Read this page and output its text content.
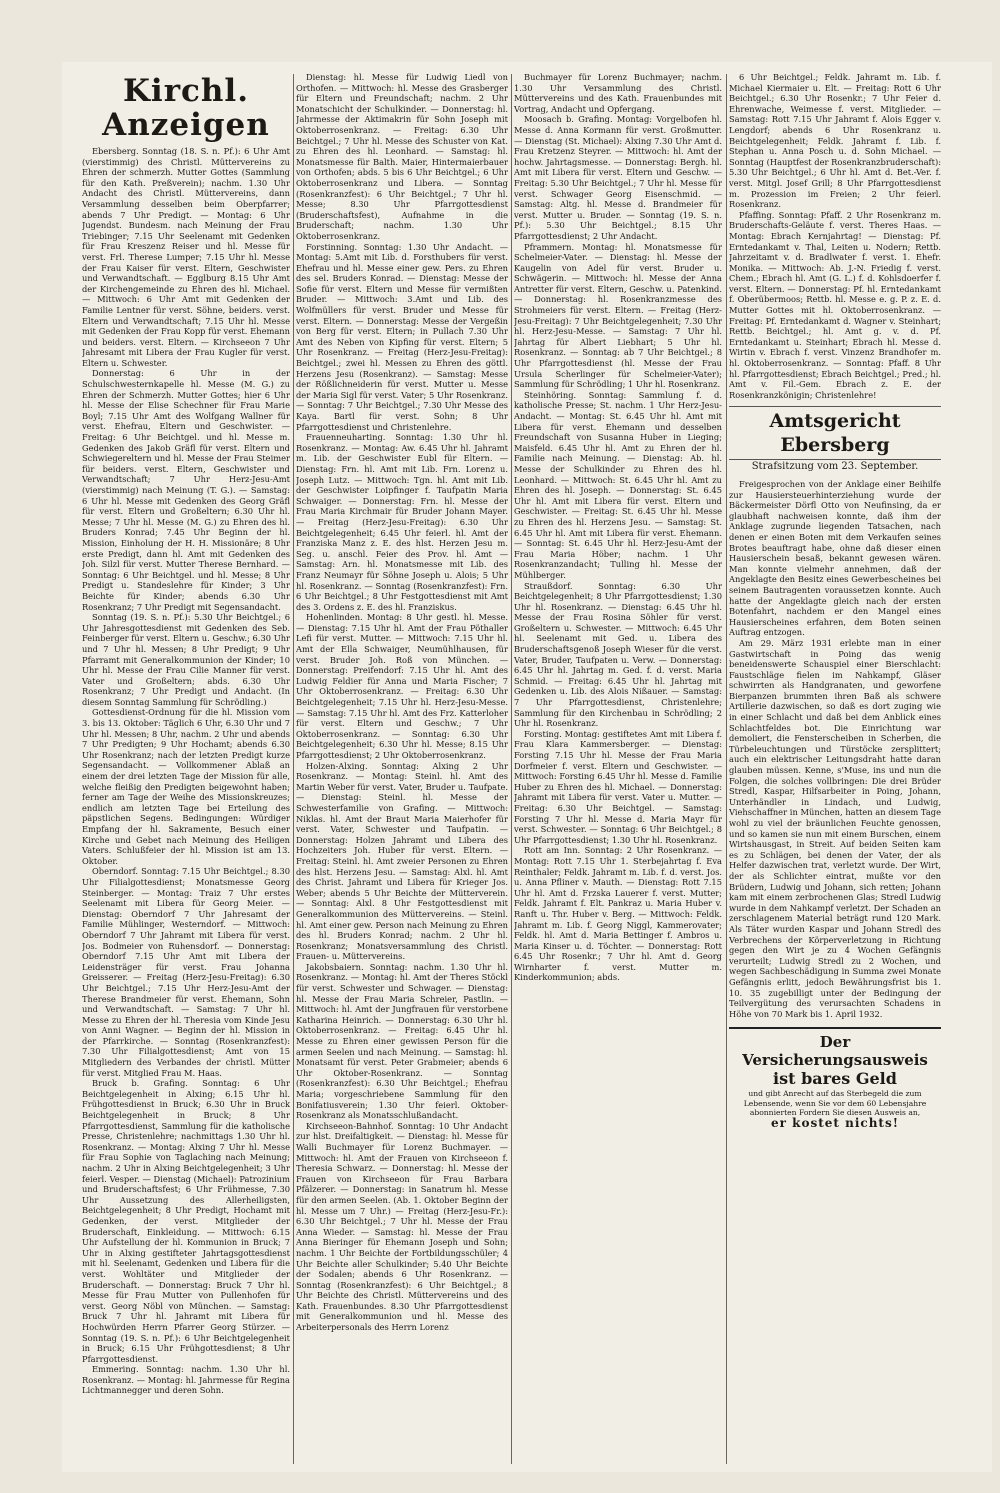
Kirchl. Anzeigen

Ebersberg. Sonntag (18. S. n. Pf.): 6 Uhr Amt (vierstimmig) des Christl. Müttervereins zu Ehren der schmerzh. Mutter Gottes (Sammlung für den Kath. Preßverein); nachm. 1.30 Uhr Andacht des Christl. Müttervereins, dann Versammlung desselben beim Oberpfarrer; abends 7 Uhr Predigt. — Montag: 6 Uhr Jugendst. Bundesm. nach Meinung der Frau Triebinger; 7.15 Uhr Seelenamt mit Gedenken für Frau Kreszenz Reiser und hl. Messe für verst. Frl. Therese Lumper; 7.15 Uhr hl. Messe der Frau Kaiser für verst. Eltern, Geschwister und Verwandtschaft. — Egglburg 8.15 Uhr Amt der Kirchengemeinde zu Ehren des hl. Michael. — Mittwoch: 6 Uhr Amt mit Gedenken der Familie Lentner für verst. Söhne, beiders. verst. Eltern und Verwandtschaft; 7.15 Uhr hl. Messe mit Gedenken der Frau Kopp für verst. Ehemann und beiders. verst. Eltern. — Kirchseeon 7 Uhr Jahresamt mit Libera der Frau Kugler für verst. Eltern u. Schwester.

Donnerstag: 6 Uhr in der Schulschwesternkapelle hl. Messe (M. G.) zu Ehren der Schmerzh. Mutter Gottes; hier 6 Uhr hl. Messe der Elise Schechner für Frau Marie Boyl; 7.15 Uhr Amt des Wolfgang Wallner für verst. Ehefrau, Eltern und Geschwister. — Freitag: 6 Uhr Beichtgel. und hl. Messe m. Gedenken des Jakob Gräfl für verst. Eltern und Schwiegereltern und hl. Messe der Frau Steimer für beiders. verst. Eltern, Geschwister und Verwandtschaft; 7 Uhr Herz-Jesu-Amt (vierstimmig) nach Meinung (T. G.). — Samstag: 6 Uhr hl. Messe mit Gedenken des Georg Gräfl für verst. Eltern und Großeltern; 6.30 Uhr hl. Messe; 7 Uhr hl. Messe (M. G.) zu Ehren des hl. Bruders Konrad; 7.45 Uhr Beginn der hl. Mission, Einholung der H. H. Missionäre; 8 Uhr erste Predigt, dann hl. Amt mit Gedenken des Joh. Silzl für verst. Mutter Therese Bernhard. — Sonntag: 6 Uhr Beichtgel. und hl. Messe; 8 Uhr Predigt u. Standeslehre für Kinder; 3 Uhr Beichte für Kinder; abends 6.30 Uhr Rosenkranz; 7 Uhr Predigt mit Segensandacht.

Sonntag (19. S. n. Pf.): 5.30 Uhr Beichtgel.; 6 Uhr Jahresgottesdienst mit Gedenken des Seb. Feinberger für verst. Eltern u. Geschw.; 6.30 Uhr und 7 Uhr hl. Messen; 8 Uhr Predigt; 9 Uhr Pfarramt mit Generalkommunion der Kinder; 10 Uhr hl. Messe der Frau Cilie Manner für verst. Vater und Großeltern; abds. 6.30 Uhr Rosenkranz; 7 Uhr Predigt und Andacht. (In diesem Sonntag Sammlung für Schrödling.)

Gottesdienst-Ordnung für die hl. Mission vom 3. bis 13. Oktober: Täglich 6 Uhr, 6.30 Uhr und 7 Uhr hl. Messen; 8 Uhr, nachm. 2 Uhr und abends 7 Uhr Predigten; 9 Uhr Hochamt; abends 6.30 Uhr Rosenkranz; nach der letzten Predigt kurze Segensandacht. — Vollkommener Ablaß an einem der drei letzten Tage der Mission für alle, welche fleißig den Predigten beigewohnt haben; ferner am Tage der Weihe des Missionskreuzes; endlich am letzten Tage bei Erteilung des päpstlichen Segens. Bedingungen: Würdiger Empfang der hl. Sakramente, Besuch einer Kirche und Gebet nach Meinung des Heiligen Vaters. Schlußfeier der hl. Mission ist am 13. Oktober.

Oberndorf. Sonntag: 7.15 Uhr Beichtgel.; 8.30 Uhr Filialgottesdienst; Monatsmesse Georg Steinberger. — Montag: Traiz 7 Uhr erstes Seelenamt mit Libera für Georg Meier. — Dienstag: Oberndorf 7 Uhr Jahresamt der Familie Mühlinger, Westerndorf. — Mittwoch: Oberndorf 7 Uhr Jahramt mit Libera für verst. Jos. Bodmeier von Ruhensdorf. — Donnerstag: Oberndorf 7.15 Uhr Amt mit Libera der Leidensträger für verst. Frau Johanna Greisserer. — Freitag (Herz-Jesu-Freitag): 6.30 Uhr Beichtgel.; 7.15 Uhr Herz-Jesu-Amt der Therese Brandmeier für verst. Ehemann, Sohn und Verwandtschaft. — Samstag: 7 Uhr hl. Messe zu Ehren der hl. Theresia vom Kinde Jesu von Anni Wagner. — Beginn der hl. Mission in der Pfarrkirche. — Sonntag (Rosenkranzfest): 7.30 Uhr Filialgottesdienst; Amt von 15 Mitgliedern des Verbandes der christl. Mütter für verst. Mitglied Frau M. Haas.

Bruck b. Grafing. Sonntag: 6 Uhr Beichtgelegenheit in Alxing; 6.15 Uhr hl. Frühgottesdienst in Bruck; 6.30 Uhr in Bruck Beichtgelegenheit in Bruck; 8 Uhr Pfarrgottesdienst, Sammlung für die katholische Presse, Christenlehre; nachmittags 1.30 Uhr hl. Rosenkranz. — Montag: Alxing 7 Uhr hl. Messe für Frau Sophie von Taglaching nach Meinung; nachm. 2 Uhr in Alxing Beichtgelegenheit; 3 Uhr feierl. Vesper. — Dienstag (Michael): Patrozinium und Bruderschaftsfest; 6 Uhr Frühmesse, 7.30 Uhr Aussetzung des Allerheiligsten, Beichtgelegenheit; 8 Uhr Predigt, Hochamt mit Gedenken, der verst. Mitglieder der Bruderschaft, Einkleidung. — Mittwoch: 6.15 Uhr Aufstellung der hl. Kommunion in Bruck; 7 Uhr in Alxing gestifteter Jahrtagsgottesdienst mit hl. Seelenamt, Gedenken und Libera für die verst. Wohltäter und Mitglieder der Bruderschaft. — Donnerstag: Bruck 7 Uhr hl. Messe für Frau Mutter von Pullenhofen für verst. Georg Nöbl von München. — Samstag: Bruck 7 Uhr hl. Jahramt mit Libera für Hochwürden Herrn Pfarrer Georg Stürzer. — Sonntag (19. S. n. Pf.): 6 Uhr Beichtgelegenheit in Bruck; 6.15 Uhr Frühgottesdienst; 8 Uhr Pfarrgottesdienst.

Emmering. Sonntag: nachm. 1.30 Uhr hl. Rosenkranz. — Montag: hl. Jahrmesse für Regina Lichtmannegger und deren Sohn.

Dienstag: hl. Messe für Ludwig Liedl von Orthofen. — Mittwoch: hl. Messe des Grasberger für Eltern und Freundschaft; nachm. 2 Uhr Monatschicht der Schulkinder. — Donnerstag: hl. Jahrmesse der Aktimakrin für Sohn Joseph mit Oktoberrosenkranz. — Freitag: 6.30 Uhr Beichtgel.; 7 Uhr hl. Messe des Schuster von Kat. zu Ehren des hl. Leonhard. — Samstag: hl. Monatsmesse für Balth. Maier, Hintermaierbauer von Orthofen; abds. 5 bis 6 Uhr Beichtgel.; 6 Uhr Oktoberrosenkranz und Libera. — Sonntag (Rosenkranzfest): 6 Uhr Beichtgel.; 7 Uhr hl. Messe; 8.30 Uhr Pfarrgottesdienst (Bruderschaftsfest), Aufnahme in die Bruderschaft; nachm. 1.30 Uhr Oktoberrosenkranz.

Forstinning. Sonntag: 1.30 Uhr Andacht. — Montag: 5.Amt mit Lib. d. Forsthubers für verst. Ehefrau und hl. Messe einer gew. Pers. zu Ehren des sel. Bruders Konrad. — Dienstag: Messe der Sofie für verst. Eltern und Messe für vermißten Bruder. — Mittwoch: 3.Amt und Lib. des Wolfmüllers für verst. Bruder und Messe für verst. Eltern. — Donnerstag: Messe der Vergeßin von Berg für verst. Eltern; in Pullach 7.30 Uhr Amt des Neben von Kipfing für verst. Eltern; 5 Uhr Rosenkranz. — Freitag (Herz-Jesu-Freitag): Beichtgel.; zwei hl. Messen zu Ehren des göttl. Herzens Jesu (Rosenkranz). — Samstag: Messe der Rößlichneiderin für verst. Mutter u. Messe der Maria Sigl für verst. Vater; 5 Uhr Rosenkranz. — Sonntag: 7 Uhr Beichtgel.; 7.30 Uhr Messe des Kaya. Bartl für verst. Sohn; 8 Uhr Pfarrgottesdienst und Christenlehre.

Frauenneuharting. Sonntag: 1.30 Uhr hl. Rosenkranz. — Montag: Aw. 6.45 Uhr hl. Jahramt m. Lib. der Geschwister Eubl für Eltern. — Dienstag: Frn. hl. Amt mit Lib. Frn. Lorenz u. Joseph Lutz. — Mittwoch: Tgn. hl. Amt mit Lib. der Geschwister Loipfinger f. Taufpatin Maria Schwaiger. — Donnerstag: Frn. hl. Messe der Frau Maria Kirchmair für Bruder Johann Mayer. — Freitag (Herz-Jesu-Freitag): 6.30 Uhr Beichtgelegenheit; 6.45 Uhr feierl. hl. Amt der Franziska Manz z. E. des hlst. Herzen Jesu m. Seg. u. anschl. Feier des Prov. hl. Amt — Samstag: Arn. hl. Monatsmesse mit Lib. des Franz Neumayr für Söhne Joseph u. Alois; 5 Uhr hl. Rosenkranz. — Sonntag (Rosenkranzfest): Frn. 6 Uhr Beichtgel.; 8 Uhr Festgottesdienst mit Amt des 3. Ordens z. E. des hl. Franziskus.

Hohenlinden. Montag: 8 Uhr gestl. hl. Messe. — Dienstag: 7.15 Uhr hl. Amt der Frau Pöthaller Lefi für verst. Mutter. — Mittwoch: 7.15 Uhr hl. Amt der Ella Schwaiger, Neumühlhausen, für verst. Bruder Joh. Roß von München. — Donnerstag: Preifendorf: 7.15 Uhr hl. Amt des Ludwig Feldier für Anna und Maria Fischer; 7 Uhr Oktoberrosenkranz. — Freitag: 6.30 Uhr Beichtgelegenheit; 7.15 Uhr hl. Herz-Jesu-Messe. — Samstag: 7.15 Uhr hl. Amt des Frz. Katterloher für verst. Eltern und Geschw.; 7 Uhr Oktoberrosenkranz. — Sonntag: 6.30 Uhr Beichtgelegenheit; 6.30 Uhr hl. Messe; 8.15 Uhr Pfarrgottesdienst; 2 Uhr Oktoberrosenkranz.

Holzen-Alxing. Sonntag: Alxing 2 Uhr Rosenkranz. — Montag: Steinl. hl. Amt des Martin Weber für verst. Vater, Bruder u. Taufpate. — Dienstag: Steinl. hl. Messe der Schwesterfamilie von Grafing. — Mittwoch: Niklas. hl. Amt der Braut Maria Maierhofer für verst. Vater, Schwester und Taufpatin. — Donnerstag: Holzen Jahramt und Libera des Hochzeiters Joh. Huber für verst. Eltern. — Freitag: Steinl. hl. Amt zweier Personen zu Ehren des hlst. Herzens Jesu. — Samstag: Alxl. hl. Amt des Christ. Jahramt und Libera für Krieger Jos. Weber; abends 5 Uhr Beichte der Mütterverein. — Sonntag: Alxl. 8 Uhr Festgottesdienst mit Generalkommunion des Müttervereins. — Steinl. hl. Amt einer gew. Person nach Meinung zu Ehren des hl. Bruders Konrad; nachm. 2 Uhr hl. Rosenkranz; Monatsversammlung des Christl. Frauen- u. Müttervereins.

Jakobsbaiern. Sonntag: nachm. 1.30 Uhr hl. Rosenkranz. — Montag: hl. Amt der Theres Stöckl für verst. Schwester und Schwager. — Dienstag: hl. Messe der Frau Maria Schreier, Pastlin. — Mittwoch: hl. Amt der Jungfrauen für verstorbene Katharina Heinrich. — Donnerstag: 6.30 Uhr hl. Oktoberrosenkranz. — Freitag: 6.45 Uhr hl. Messe zu Ehren einer gewissen Person für die armen Seelen und nach Meinung. — Samstag: hl. Monatsamt für verst. Peter Grabmeier; abends 6 Uhr Oktober-Rosenkranz. — Sonntag (Rosenkranzfest): 6.30 Uhr Beichtgel.; Ehefrau Maria; vorgeschriebene Sammlung für den Bonifatiusverein; 1.30 Uhr feierl. Oktober-Rosenkranz als Monatsschlußandacht.

Kirchseeon-Bahnhof. Sonntag: 10 Uhr Andacht zur hlst. Dreifaltigkeit. — Dienstag: hl. Messe für Walli Buchmayer für Lorenz Buchmayer. — Mittwoch: hl. Amt der Frauen von Kirchseeon f. Theresia Schwarz. — Donnerstag: hl. Messe der Frauen von Kirchseeon für Frau Barbara Pfälzerer. — Donnerstag: in Sanatrum hl. Messe für den armen Seelen. (Ab. 1. Oktober Beginn der hl. Messe um 7 Uhr.) — Freitag (Herz-Jesu-Fr.): 6.30 Uhr Beichtgel.; 7 Uhr hl. Messe der Frau Anna Wieder. — Samstag: hl. Messe der Frau Anna Bieringer für Ehemann Joseph und Sohn; nachm. 1 Uhr Beichte der Fortbildungsschüler; 4 Uhr Beichte aller Schulkinder; 5.40 Uhr Beichte der Sodalen; abends 6 Uhr Rosenkranz. — Sonntag (Rosenkranzfest): 6 Uhr Beichtgel.; 8 Uhr Beichte des Christl. Müttervereins und des Kath. Frauenbundes. 8.30 Uhr Pfarrgottesdienst mit Generalkommunion und hl. Messe des Arbeiterpersonals des Herrn Lorenz

Buchmayer für Lorenz Buchmayer; nachm. 1.30 Uhr Versammlung des Christl. Müttervereins und des Kath. Frauenbundes mit Vortrag, Andacht und Opfergang.

Moosach b. Grafing. Montag: Vorgelbofen hl. Messe d. Anna Kormann für verst. Großmutter. — Dienstag (St. Michael): Alxing 7.30 Uhr Amt d. Frau Kretzenz Steyrer. — Mittwoch: hl. Amt der hochw. Jahrtagsmesse. — Donnerstag: Bergh. hl. Amt mit Libera für verst. Eltern und Geschw. — Freitag: 5.30 Uhr Beichtgel.; 7 Uhr hl. Messe für verst. Schwager Georg Eisenschmid. — Samstag: Altg. hl. Messe d. Brandmeier für verst. Mutter u. Bruder. — Sonntag (19. S. n. Pf.): 5.30 Uhr Beichtgel.; 8.15 Uhr Pfarrgottesdienst; 2 Uhr Andacht.

Pframmern. Montag: hl. Monatsmesse für Schelmeier-Vater. — Dienstag: hl. Messe der Kaugelin von Adel für verst. Bruder u. Schwägerin. — Mittwoch: hl. Messe der Anna Antretter für verst. Eltern, Geschw. u. Patenkind. — Donnerstag: hl. Rosenkranzmesse des Strohmeiers für verst. Eltern. — Freitag (Herz-Jesu-Freitag): 7 Uhr Beichtgelegenheit; 7.30 Uhr hl. Herz-Jesu-Messe. — Samstag: 7 Uhr hl. Jahrtag für Albert Liebhart; 5 Uhr hl. Rosenkranz. — Sonntag: ab 7 Uhr Beichtgel.; 8 Uhr Pfarrgottesdienst (hl. Messe der Frau Ursula Scherlinger für Schelmeier-Vater); Sammlung für Schrödling; 1 Uhr hl. Rosenkranz.

Steinhöring. Sonntag: Sammlung f. d. katholische Presse; St. nachm. 1 Uhr Herz-Jesu-Andacht. — Montag: St. 6.45 Uhr hl. Amt mit Libera für verst. Ehemann und desselben Freundschaft von Susanna Huber in Lieging; Maisfeld. 6.45 Uhr hl. Amt zu Ehren der hl. Familie nach Meinung. — Dienstag: Ab. hl. Messe der Schulkinder zu Ehren des hl. Leonhard. — Mittwoch: St. 6.45 Uhr hl. Amt zu Ehren des hl. Joseph. — Donnerstag: St. 6.45 Uhr hl. Amt mit Libera für verst. Eltern und Geschwister. — Freitag: St. 6.45 Uhr hl. Messe zu Ehren des hl. Herzens Jesu. — Samstag: St. 6.45 Uhr hl. Amt mit Libera für verst. Ehemann. — Sonntag: St. 6.45 Uhr hl. Herz-Jesu-Amt der Frau Maria Höber; nachm. 1 Uhr Rosenkranzandacht; Tulling hl. Messe der Mühlberger.

Straußdorf. Sonntag: 6.30 Uhr Beichtgelegenheit; 8 Uhr Pfarrgottesdienst; 1.30 Uhr hl. Rosenkranz. — Dienstag: 6.45 Uhr hl. Messe der Frau Rosina Söhler für verst. Großeltern u. Schwester. — Mittwoch: 6.45 Uhr hl. Seelenamt mit Ged. u. Libera des Bruderschaftsgenoß Joseph Wieser für die verst. Vater, Bruder, Taufpaten u. Verw. — Donnerstag: 6.45 Uhr hl. Jahrtag m. Ged. f. d. verst. Maria Schmid. — Freitag: 6.45 Uhr hl. Jahrtag mit Gedenken u. Lib. des Alois Nißauer. — Samstag: 7 Uhr Pfarrgottesdienst, Christenlehre; Sammlung für den Kirchenbau in Schrödling; 2 Uhr hl. Rosenkranz.

Forsting. Montag: gestiftetes Amt mit Libera f. Frau Klara Kammersberger. — Dienstag: Forsting 7.15 Uhr hl. Messe der Frau Maria Dorfmeier f. verst. Eltern und Geschwister. — Mittwoch: Forsting 6.45 Uhr hl. Messe d. Familie Huber zu Ehren des hl. Michael. — Donnerstag: Jahramt mit Libera für verst. Vater u. Mutter. — Freitag: 6.30 Uhr Beichtgel. — Samstag: Forsting 7 Uhr hl. Messe d. Maria Mayr für verst. Schwester. — Sonntag: 6 Uhr Beichtgel.; 8 Uhr Pfarrgottesdienst; 1.30 Uhr hl. Rosenkranz.

Rott am Inn. Sonntag: 2 Uhr Rosenkranz. — Montag: Rott 7.15 Uhr 1. Sterbejahrtag f. Eva Reinthaler; Feldk. Jahramt m. Lib. f. d. verst. Jos. u. Anna Pfliner v. Mauth. — Dienstag: Rott 7.15 Uhr hl. Amt d. Frzska Lauerer f. verst. Mutter; Feldk. Jahramt f. Elt. Pankraz u. Maria Huber v. Ranft u. Thr. Huber v. Berg. — Mittwoch: Feldk. Jahramt m. Lib. f. Georg Niggl, Kammerovater; Feldk. hl. Amt d. Maria Bettinger f. Ambros u. Maria Kinser u. d. Töchter. — Donnerstag: Rott 6.45 Uhr Rosenkr.; 7 Uhr hl. Amt d. Georg Wirnharter f. verst. Mutter m. Kinderkommunion; abds.

6 Uhr Beichtgel.; Feldk. Jahramt m. Lib. f. Michael Kiermaier u. Elt. — Freitag: Rott 6 Uhr Beichtgel.; 6.30 Uhr Rosenkr.; 7 Uhr Feier d. Ehrenwache, Weimesse f. verst. Mitglieder. — Samstag: Rott 7.15 Uhr Jahramt f. Alois Egger v. Lengdorf; abends 6 Uhr Rosenkranz u. Beichtgelegenheit; Feldk. Jahramt f. Lib. f. Stephan u. Anna Posch u. d. Sohn Michael. — Sonntag (Hauptfest der Rosenkranzbruderschaft): 5.30 Uhr Beichtgel.; 6 Uhr hl. Amt d. Bet.-Ver. f. verst. Mitgl. Josef Grill; 8 Uhr Pfarrgottesdienst m. Prozession im Freien; 2 Uhr feierl. Rosenkranz.

Pfaffing. Sonntag: Pfaff. 2 Uhr Rosenkranz m. Bruderschafts-Geläute f. verst. Theres Haas. — Montag: Ebrach Kernjahrtag! — Dienstag: Pf. Erntedankamt v. Thal, Leiten u. Nodern; Rettb. Jahrzeitamt v. d. Bradlwater f. verst. 1. Ehefr. Monika. — Mittwoch: Ab. J.-N. Friedig f. verst. Chem.; Ebrach hl. Amt (G. L.) f. d. Kohlsdoerfer f. verst. Eltern. — Donnerstag: Pf. hl. Erntedankamt f. Oberübermoos; Rettb. hl. Messe e. g. P. z. E. d. Mutter Gottes mit hl. Oktoberrosenkranz. — Freitag: Pf. Erntedankamt d. Wagner v. Steinhart; Rettb. Beichtgel.; hl. Amt g. v. d. Pf. Erntedankamt u. Steinhart; Ebrach hl. Messe d. Wirtin v. Ebrach f. verst. Vinzenz Brandhofer m. hl. Oktoberrosenkranz. — Sonntag: Pfaff. 8 Uhr hl. Pfarrgottesdienst; Ebrach Beichtgel.; Pred.; hl. Amt v. Fil.-Gem. Ebrach z. E. der Rosenkranzkönigin; Christenlehre!

Amtsgericht Ebersberg
Strafsitzung vom 23. September.

Freigesprochen von der Anklage einer Beihilfe zur Hausiersteuerhinterziehung wurde der Bäckermeister Dörfl Otto von Neufinsing, da er glaubhaft nachweisen konnte, daß ihm der Anklage zugrunde liegenden Tatsachen, nach denen er einen Boten mit dem Verkaufen seines Brotes beauftragt habe, ohne daß dieser einen Hausierschein besaß, bekannt gewesen wären. Man konnte vielmehr annehmen, daß der Angeklagte den Besitz eines Gewerbescheines bei seinem Bautragenten voraussetzen konnte. Auch hatte der Angeklagte gleich nach der ersten Botenfahrt, nachdem er den Mangel eines Hausierscheines erfahren, dem Boten seinen Auftrag entzogen.

Am 29. März 1931 erlebte man in einer Gastwirtschaft in Poing das wenig beneidenswerte Schauspiel einer Bierschlacht: Faustschläge fielen im Nahkampf, Gläser schwirrten als Handgranaten, und geworfene Bierpanzen brummten ihren Baß als schwere Artillerie dazwischen, so daß es dort zuging wie in einer Schlacht und daß bei dem Anblick eines Schlachtfeldes bot. Die Einrichtung war demoliert, die Fensterscheiben in Scherben, die Türbeleuchtungen und Türstöcke zersplittert; auch ein elektrischer Leitungsdraht hatte daran glauben müssen. Kenne, s'Muse, ins und nun die Folgen, die solches vollbringen: Die drei Brüder Stredl, Kaspar, Hilfsarbeiter in Poing, Johann, Unterhändler in Lindach, und Ludwig, Viehschaffner in München, hatten an diesem Tage wohl zu viel der bräunlichen Feuchte genossen, und so kamen sie nun mit einem Burschen, einem Wirtshausgast, in Streit. Auf beiden Seiten kam es zu Schlägen, bei denen der Vater, der als Helfer dazwischen trat, verletzt wurde. Der Wirt, der als Schlichter eintrat, mußte vor den Brüdern, Ludwig und Johann, sich retten; Johann kam mit einem zerbrochenen Glas; Stredl Ludwig wurde in dem Nahkampf verletzt. Der Schaden an zerschlagenem Material beträgt rund 120 Mark. Als Täter wurden Kaspar und Johann Stredl des Verbrechens der Körperverletzung in Richtung gegen den Wirt je zu 4 Wochen Gefängnis verurteilt; Ludwig Stredl zu 2 Wochen, und wegen Sachbeschädigung in Summa zwei Monate Gefängnis erlitt, jedoch Bewährungsfrist bis 1. 10. 35 zugebilligt unter der Bedingung der Teilvergütung des verursachten Schadens in Höhe von 70 Mark bis 1. April 1932.

Der Versicherungsausweis
ist bares Geld
und gibt Anrecht auf das Sterbegeld die zum Lebensende, wenn Sie vor dem 60 Lebensjahre abonnierten Fordern Sie diesen Ausweis an,
er kostet nichts!
